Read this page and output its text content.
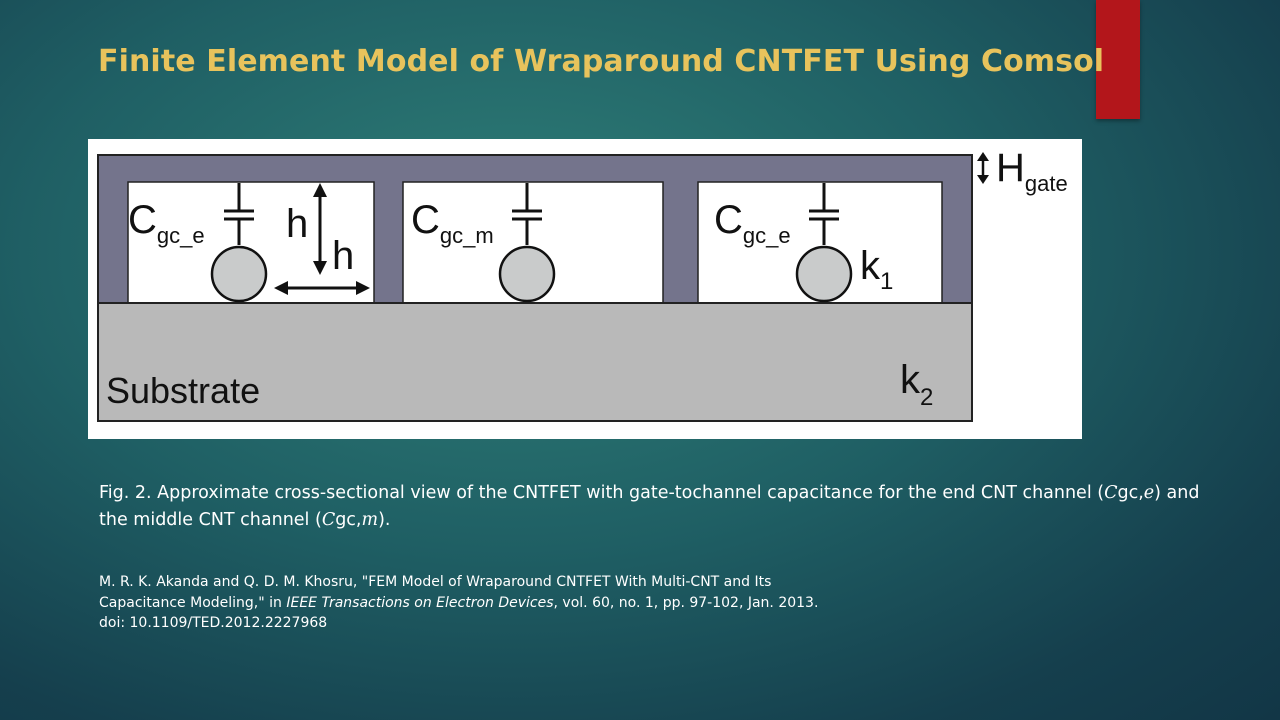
Finite Element Model of Wraparound CNTFET Using Comsol
$C_{gc\_e}$ h
h
$C_{gc\_m}$	$C_{gc\_e}$
$k_1$
$H_{gate}$
Substrate	$k_2$

Fig. 2. Approximate cross-sectional view of the CNTFET with gate-tochannel capacitance for the end CNT channel (Cgc,e) and the middle CNT channel (Cgc,m).

M. R. K. Akanda and Q. D. M. Khosru, "FEM Model of Wraparound CNTFET With Multi-CNT and Its
Capacitance Modeling," in IEEE Transactions on Electron Devices, vol. 60, no. 1, pp. 97-102, Jan. 2013.
doi: 10.1109/TED.2012.2227968
